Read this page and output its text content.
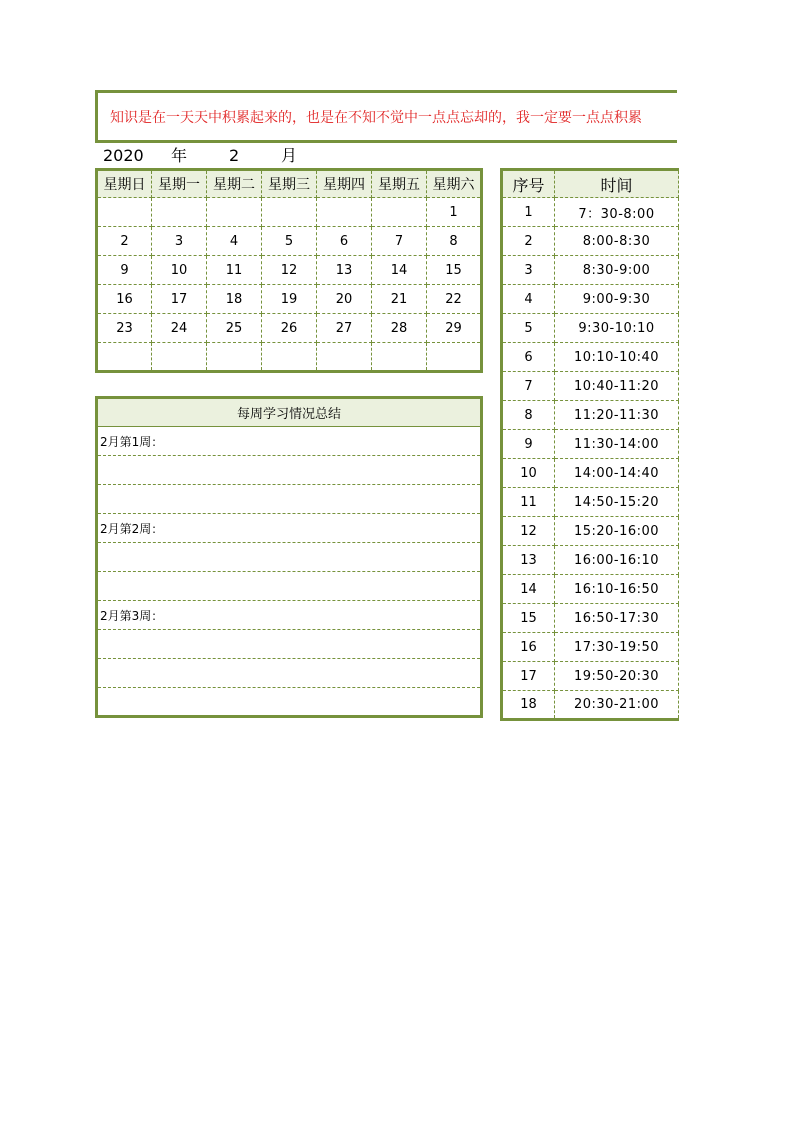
知识是在一天天中积累起来的，也是在不知不觉中一点点忘却的，我一定要一点点积累
2020 年	2	月
星期日	星期一	星期二	星期三	星期四	星期五	星期六
						1
2	3	4	5	6	7	8
9	10	11	12	13	14	15
16	17	18	19	20	21	22
23	24	25	26	27	28	29

每周学习情况总结
2月第1周：

2月第2周：

2月第3周：

序号	时间
1	7：30-8:00
2	8:00-8:30
3	8:30-9:00
4	9:00-9:30
5	9:30-10:10
6	10:10-10:40
7	10:40-11:20
8	11:20-11:30
9	11:30-14:00
10	14:00-14:40
11	14:50-15:20
12	15:20-16:00
13	16:00-16:10
14	16:10-16:50
15	16:50-17:30
16	17:30-19:50
17	19:50-20:30
18	20:30-21:00
